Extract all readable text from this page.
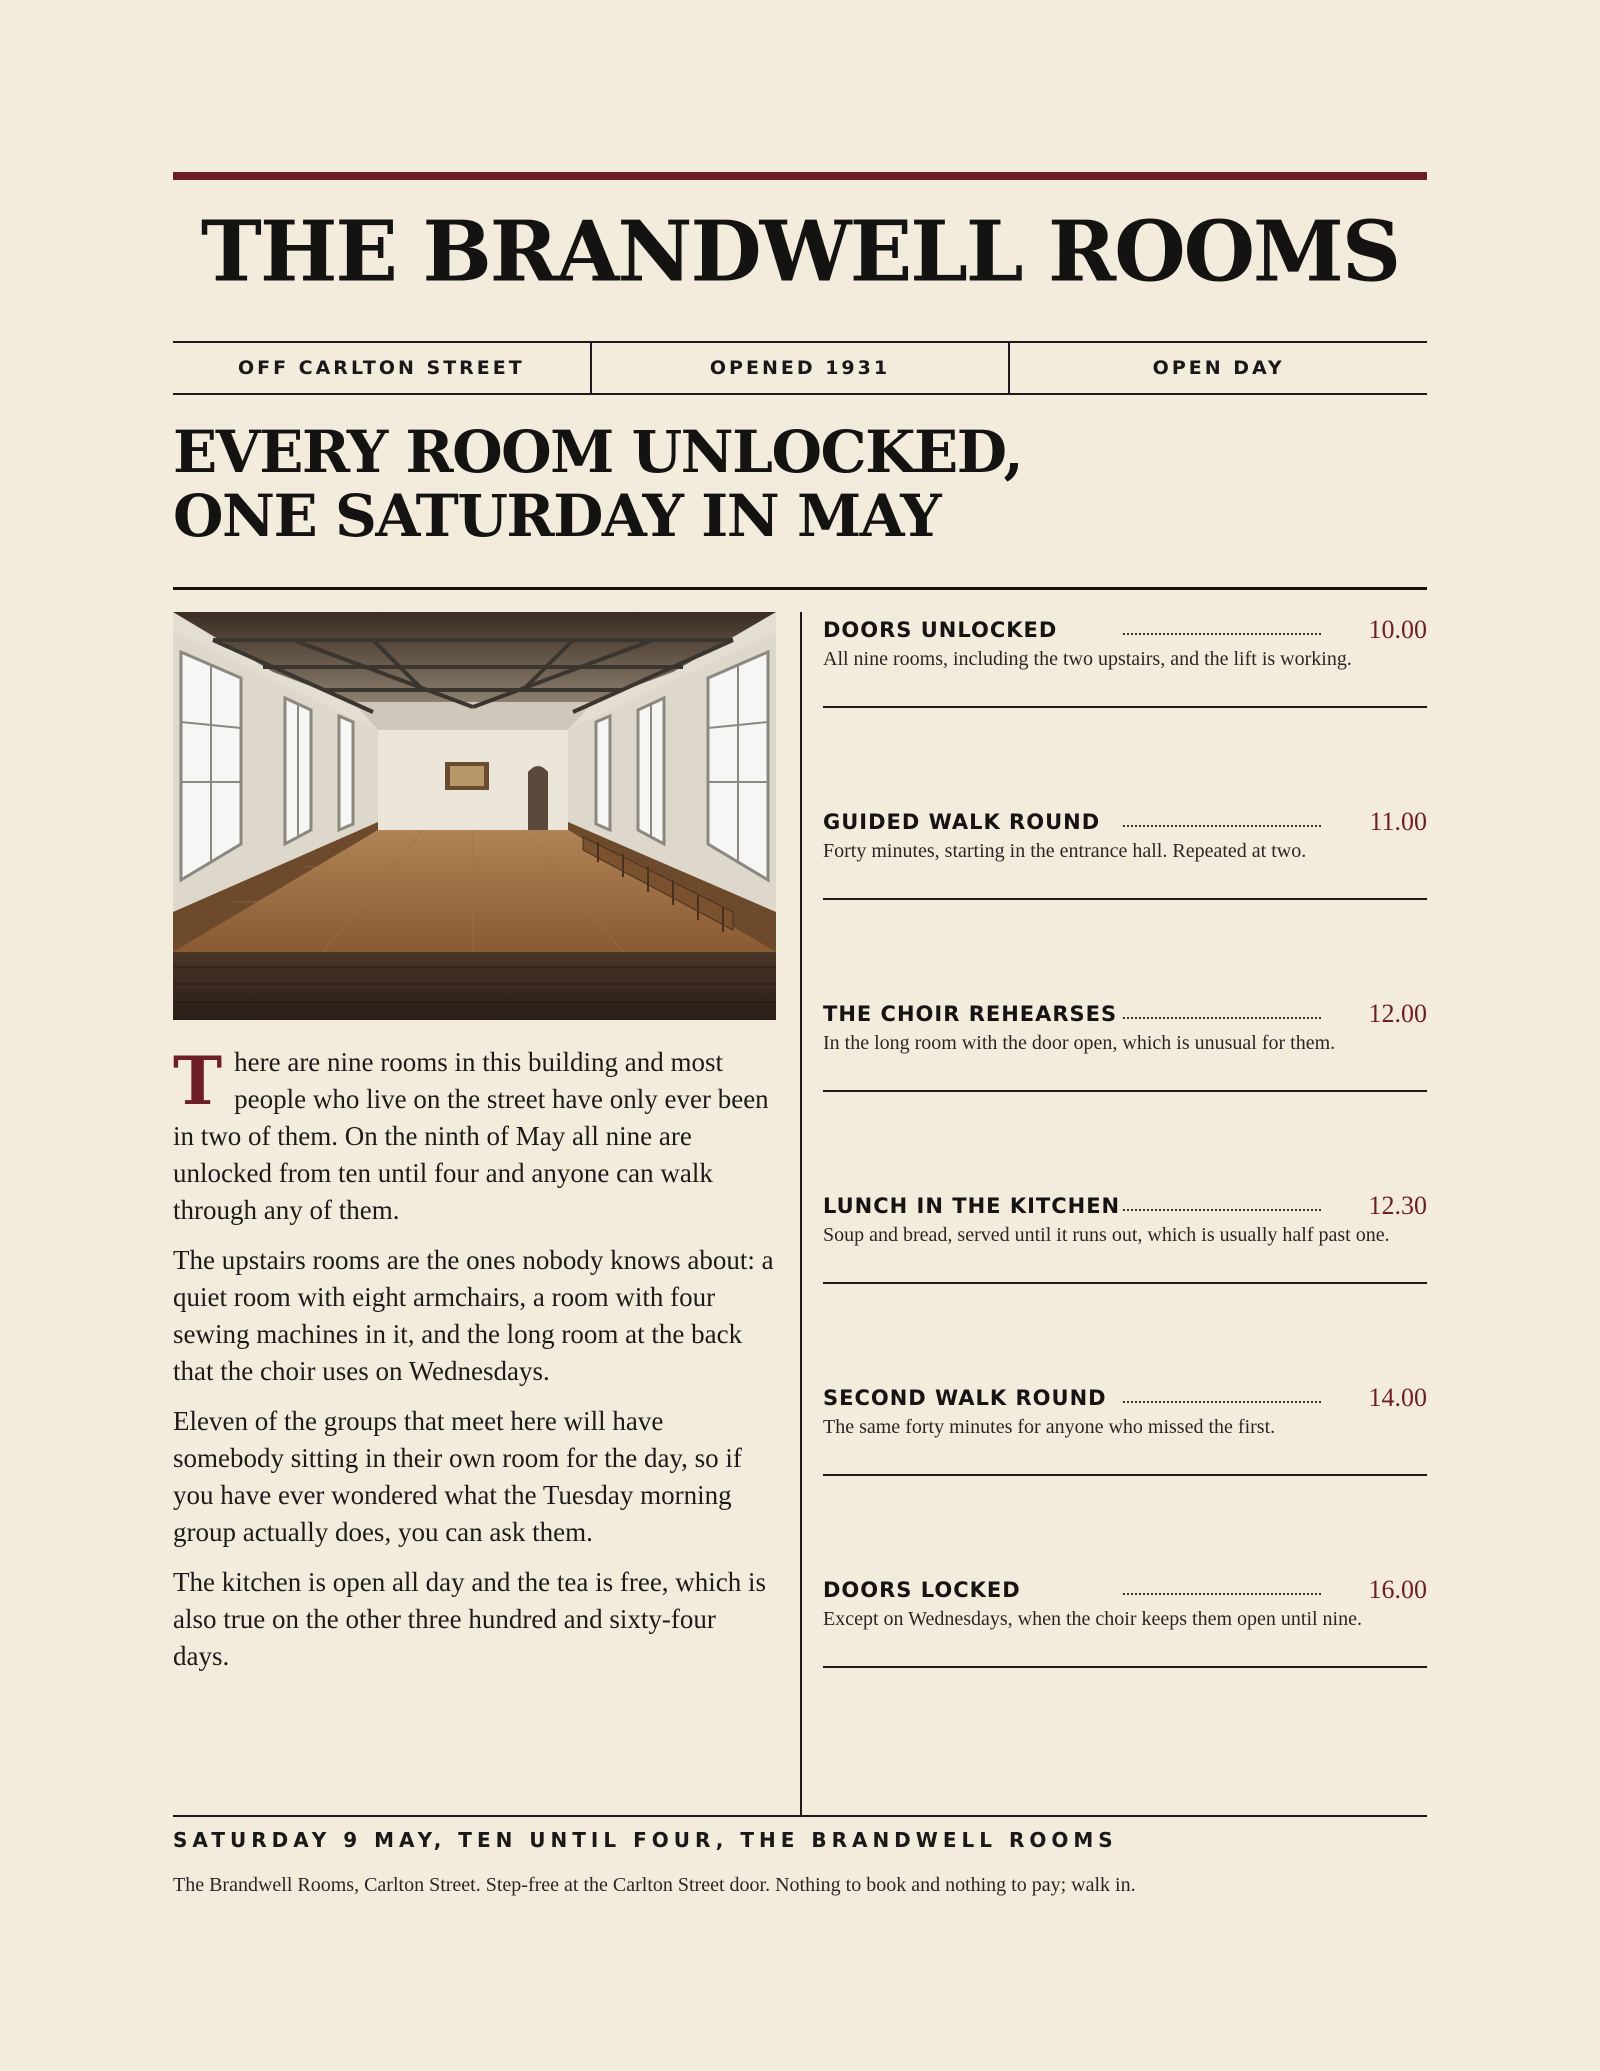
THE BRANDWELL ROOMS
OFF CARLTON STREET	OPENED 1931	OPEN DAY
EVERY ROOM UNLOCKED,
ONE SATURDAY IN MAY

There are nine rooms in this building and most people who live on the street have only ever been in two of them. On the ninth of May all nine are unlocked from ten until four and anyone can walk through any of them.

The upstairs rooms are the ones nobody knows about: a quiet room with eight armchairs, a room with four sewing machines in it, and the long room at the back that the choir uses on Wednesdays.

Eleven of the groups that meet here will have somebody sitting in their own room for the day, so if you have ever wondered what the Tuesday morning group actually does, you can ask them.

The kitchen is open all day and the tea is free, which is also true on the other three hundred and sixty-four days.

DOORS UNLOCKED	10.00
All nine rooms, including the two upstairs, and the lift is working.
GUIDED WALK ROUND	11.00
Forty minutes, starting in the entrance hall. Repeated at two.
THE CHOIR REHEARSES	12.00
In the long room with the door open, which is unusual for them.
LUNCH IN THE KITCHEN	12.30
Soup and bread, served until it runs out, which is usually half past one.
SECOND WALK ROUND	14.00
The same forty minutes for anyone who missed the first.
DOORS LOCKED	16.00
Except on Wednesdays, when the choir keeps them open until nine.
SATURDAY 9 MAY, TEN UNTIL FOUR, THE BRANDWELL ROOMS
The Brandwell Rooms, Carlton Street. Step-free at the Carlton Street door. Nothing to book and nothing to pay; walk in.
